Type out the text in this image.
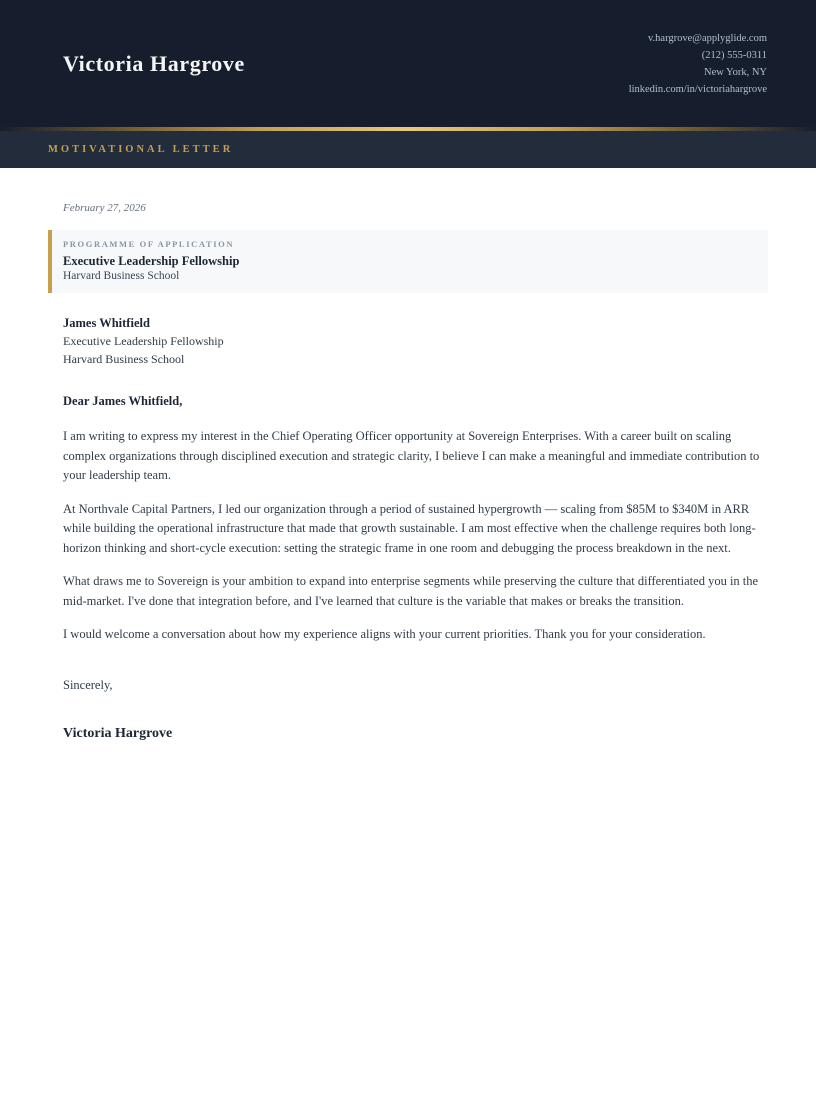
Victoria Hargrove
v.hargrove@applyglide.com
(212) 555-0311
New York, NY
linkedin.com/in/victoriahargrove
MOTIVATIONAL LETTER
February 27, 2026
PROGRAMME OF APPLICATION
Executive Leadership Fellowship
Harvard Business School
James Whitfield
Executive Leadership Fellowship
Harvard Business School
Dear James Whitfield,

I am writing to express my interest in the Chief Operating Officer opportunity at Sovereign Enterprises. With a career built on scaling complex organizations through disciplined execution and strategic clarity, I believe I can make a meaningful and immediate contribution to your leadership team.

At Northvale Capital Partners, I led our organization through a period of sustained hypergrowth — scaling from $85M to $340M in ARR while building the operational infrastructure that made that growth sustainable. I am most effective when the challenge requires both long-horizon thinking and short-cycle execution: setting the strategic frame in one room and debugging the process breakdown in the next.

What draws me to Sovereign is your ambition to expand into enterprise segments while preserving the culture that differentiated you in the mid-market. I've done that integration before, and I've learned that culture is the variable that makes or breaks the transition.

I would welcome a conversation about how my experience aligns with your current priorities. Thank you for your consideration.

Sincerely,
Victoria Hargrove
